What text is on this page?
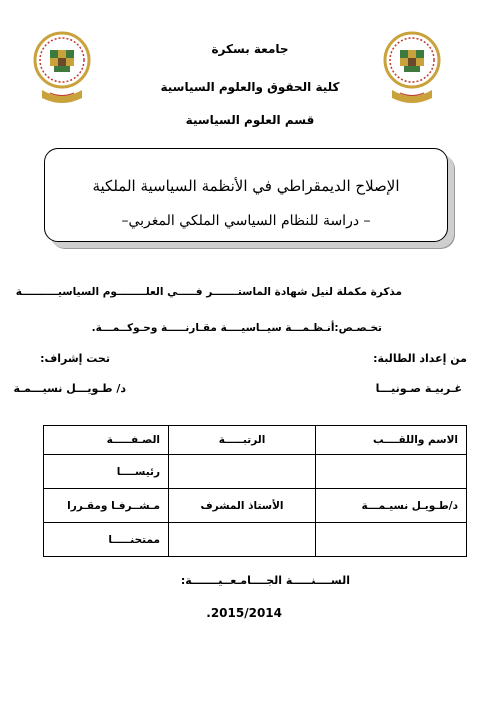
جامعة بسكرة
كلية الحقوق والعلوم السياسية
قسم العلوم السياسية
الإصلاح الديمقراطي في الأنظمة السياسية الملكية
– دراسة للنظام السياسي الملكي المغربي–
مذكرة مكملة لنيل شهادة الماستـــــــر فـــــي العلــــــــوم السياسيــــــــــة
تخـصـص:أنـظـمـــة سيــاسيــــة مقـارنـــــة وحـوكــمـــة.
من إعداد الطالبة:
تحت إشراف:
غـربيـة صـونيـــا
د/ طـويـــل نسيـــمـة
الاسم واللقــــب	الرتبـــــة	الصـفـــــة
		رئيســــا
د/طـويـل نسيـمـــة	الأستاذ المشرف	مـشــرفـا ومقـررا
		ممتحنـــــا
الســــنـــــة الجــــامـعــيـــــــة:
2015/2014.
